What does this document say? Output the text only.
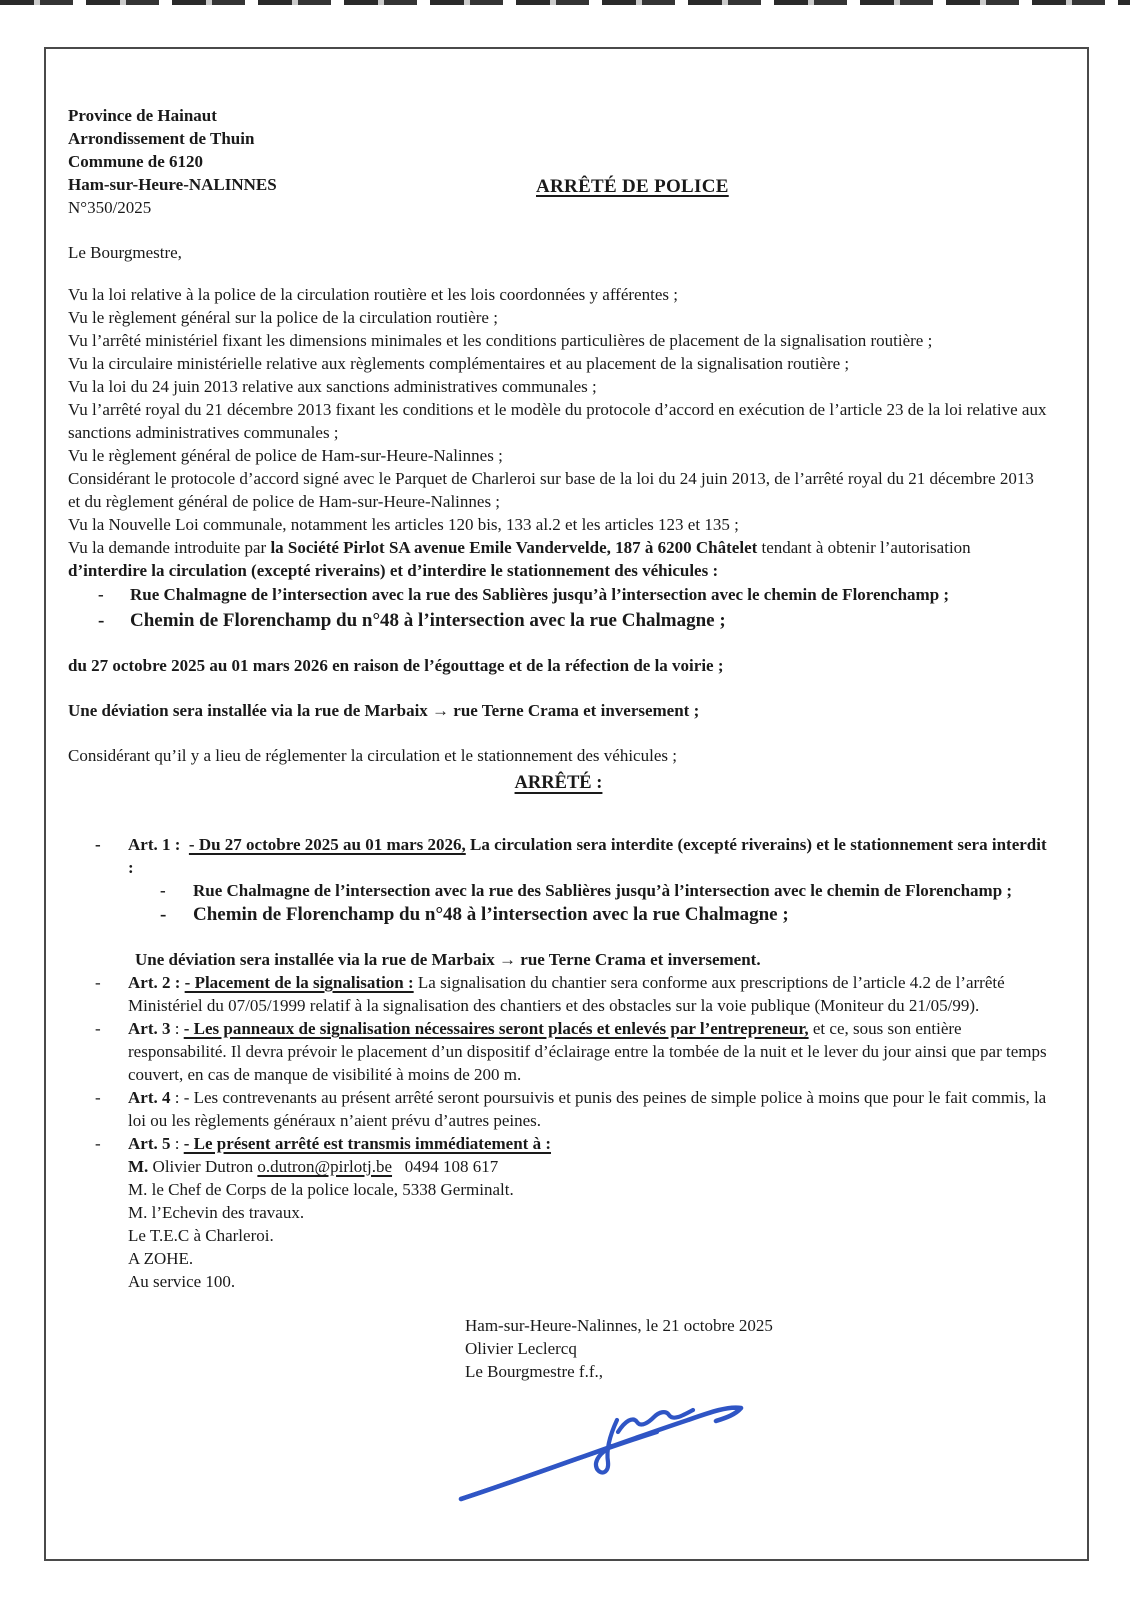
Province de Hainaut

Arrondissement de Thuin

Commune de 6120

Ham-sur-Heure-NALINNES

N°350/2025

ARRÊTÉ DE POLICE

Le Bourgmestre,

Vu la loi relative à la police de la circulation routière et les lois coordonnées y afférentes ;

Vu le règlement général sur la police de la circulation routière ;

Vu l’arrêté ministériel fixant les dimensions minimales et les conditions particulières de placement de la signalisation routière ;

Vu la circulaire ministérielle relative aux règlements complémentaires et au placement de la signalisation routière ;

Vu la loi du 24 juin 2013 relative aux sanctions administratives communales ;

Vu l’arrêté royal du 21 décembre 2013 fixant les conditions et le modèle du protocole d’accord en exécution de l’article 23 de la loi relative aux sanctions administratives communales ;

Vu le règlement général de police de Ham-sur-Heure-Nalinnes ;

Considérant le protocole d’accord signé avec le Parquet de Charleroi sur base de la loi du 24 juin 2013, de l’arrêté royal du 21 décembre 2013 et du règlement général de police de Ham-sur-Heure-Nalinnes ;

Vu la Nouvelle Loi communale, notamment les articles 120 bis, 133 al.2 et les articles 123 et 135 ;

Vu la demande introduite par la Société Pirlot SA avenue Emile Vandervelde, 187 à 6200 Châtelet tendant à obtenir l’autorisation d’interdire la circulation (excepté riverains) et d’interdire le stationnement des véhicules :

-	Rue Chalmagne de l’intersection avec la rue des Sablières jusqu’à l’intersection avec le chemin de Florenchamp ;
-	Chemin de Florenchamp du n°48 à l’intersection avec la rue Chalmagne ;

du 27 octobre 2025 au 01 mars 2026 en raison de l’égouttage et de la réfection de la voirie ;

Une déviation sera installée via la rue de Marbaix → rue Terne Crama et inversement ;

Considérant qu’il y a lieu de réglementer la circulation et le stationnement des véhicules ;

ARRÊTÉ :

-	Art. 1 :  - Du 27 octobre 2025 au 01 mars 2026, La circulation sera interdite (excepté riverains) et le stationnement sera interdit :

-	Rue Chalmagne de l’intersection avec la rue des Sablières jusqu’à l’intersection avec le chemin de Florenchamp ;
-	Chemin de Florenchamp du n°48 à l’intersection avec la rue Chalmagne ;

Une déviation sera installée via la rue de Marbaix → rue Terne Crama et inversement.

-	Art. 2 : - Placement de la signalisation : La signalisation du chantier sera conforme aux prescriptions de l’article 4.2 de l’arrêté Ministériel du 07/05/1999 relatif à la signalisation des chantiers et des obstacles sur la voie publique (Moniteur du 21/05/99).

-	Art. 3 : - Les panneaux de signalisation nécessaires seront placés et enlevés par l’entrepreneur, et ce, sous son entière responsabilité. Il devra prévoir le placement d’un dispositif d’éclairage entre la tombée de la nuit et le lever du jour ainsi que par temps couvert, en cas de manque de visibilité à moins de 200 m.

-	Art. 4 : - Les contrevenants au présent arrêté seront poursuivis et punis des peines de simple police à moins que pour le fait commis, la loi ou les règlements généraux n’aient prévu d’autres peines.

-	Art. 5 : - Le présent arrêté est transmis immédiatement à :

M. Olivier Dutron o.dutron@pirlotj.be   0494 108 617

M. le Chef de Corps de la police locale, 5338 Germinalt.

M. l’Echevin des travaux.

Le T.E.C à Charleroi.

A ZOHE.

Au service 100.

Ham-sur-Heure-Nalinnes, le 21 octobre 2025

Olivier Leclercq

Le Bourgmestre f.f.,
